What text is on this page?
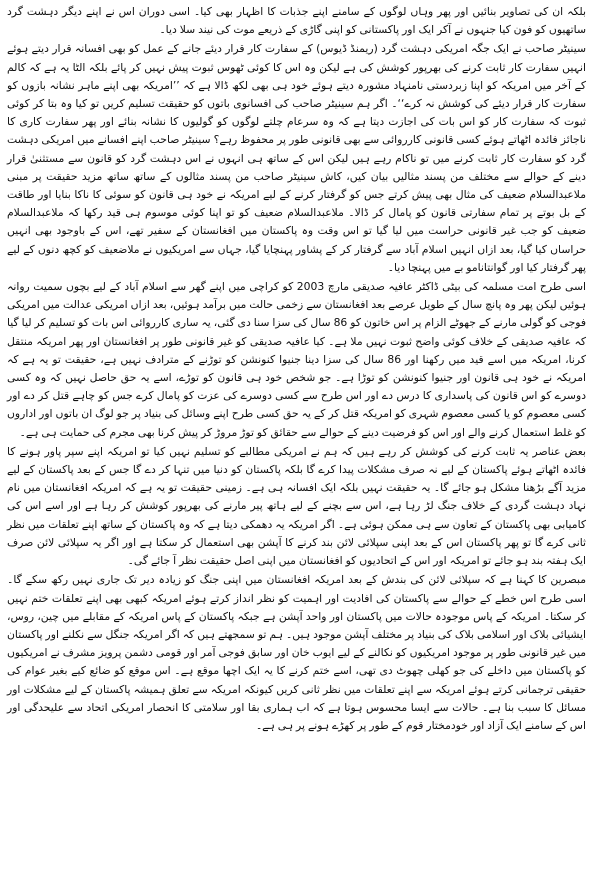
بلکہ ان کی تصاویر بنائیں اور پھر وہاں لوگوں کے سامنے اپنے جذبات کا اظہار بھی کیا۔ اسی دوران اس نے اپنے دیگر دہشت گرد ساتھیوں کو فون کیا جنہوں نے آکر ایک اور پاکستانی کو اپنی گاڑی کے ذریعے موت کی نیند سلا دیا۔

سینیٹر صاحب نے ایک جگہ امریکی دہشت گرد (ریمنڈ ڈیوس) کے سفارت کار قرار دیئے جانے کے عمل کو بھی افسانہ قرار دیتے ہوئے انہیں سفارت کار ثابت کرنے کی بھرپور کوشش کی ہے لیکن وہ اس کا کوئی ٹھوس ثبوت پیش نہیں کر پائے بلکہ الٹا یہ ہے کہ کالم کے آخر میں امریکہ کو اپنا زبردستی نامنہاد مشورہ دیتے ہوئے خود ہی بھی لکھ ڈالا ہے کہ ’’امریکہ بھی اپنے ماہر نشانہ بازوں کو سفارت کار قرار دیئے کی کوشش نہ کرے‘‘۔ اگر ہم سینیٹر صاحب کی افسانوی باتوں کو حقیقت تسلیم کریں تو کیا وہ بتا کر کوئی ثبوت کہ سفارت کار کو اس بات کی اجازت دیتا ہے کہ وہ سرعام چلتے لوگوں کو گولیوں کا نشانہ بنائے اور پھر سفارت کاری کا ناجائز فائدہ اٹھاتے ہوئے کسی قانونی کارروائی سے بھی قانونی طور پر محفوظ رہے؟ سینیٹر صاحب اپنے افسانے میں امریکی دہشت گرد کو سفارت کار ثابت کرنے میں تو ناکام رہے ہیں لیکن اس کے ساتھ ہی انہوں نے اس دہشت گرد کو قانون سے مستثنیٰ قرار دینے کے حوالے سے مختلف من پسند مثالیں بیان کیں، کاش سینیٹر صاحب من پسند مثالوں کے ساتھ ساتھ مزید حقیقت پر مبنی ملاعبدالسلام ضعیف کی مثال بھی پیش کرتے جس کو گرفتار کرنے کے لیے امریکہ نے خود ہی قانون کو سوئی کا ناکا بنایا اور طاقت کے بل بوتے پر تمام سفارتی قانون کو پامال کر ڈالا۔ ملاعبدالسلام ضعیف کو تو اپنا کوئی موسوم ہی قید رکھا کہ ملاعبدالسلام ضعیف کو جب غیر قانونی حراست میں لیا گیا تو اس وقت وہ پاکستان میں افغانستان کے سفیر تھے، اس کے باوجود بھی انہیں حراساں کیا گیا، بعد ازاں انہیں اسلام آباد سے گرفتار کر کے پشاور پہنچایا گیا، جہاں سے امریکیوں نے ملاضعیف کو کچھ دنوں کے لیے پھر گرفتار کیا اور گوانتانامو بے میں پہنچا دیا۔

اسی طرح امت مسلمہ کی بیٹی ڈاکٹر عافیہ صدیقی مارچ 2003 کو کراچی میں اپنے گھر سے اسلام آباد کے لیے بچوں سمیت روانہ ہوئیں لیکن پھر وہ پانچ سال کے طویل عرصے بعد افغانستان سے زخمی حالت میں برآمد ہوئیں، بعد ازاں امریکی عدالت میں امریکی فوجی کو گولی مارنے کے جھوٹے الزام پر اس خاتون کو 86 سال کی سزا سنا دی گئی، یہ ساری کارروائی اس بات کو تسلیم کر لیا گیا کہ عافیہ صدیقی کے خلاف کوئی واضح ثبوت نہیں ملا ہے۔ کیا عافیہ صدیقی کو غیر قانونی طور پر افغانستان اور پھر امریکہ منتقل کرنا، امریکہ میں اسے قید میں رکھنا اور 86 سال کی سزا دینا جنیوا کنونشن کو توڑنے کے مترادف نہیں ہے، حقیقت تو یہ ہے کہ امریکہ نے خود ہی قانون اور جنیوا کنونشن کو توڑا ہے۔ جو شخص خود ہی قانون کو توڑے، اسے یہ حق حاصل نہیں کہ وہ کسی دوسرے کو اس قانون کی پاسداری کا درس دے اور اس طرح سے کسی دوسرے کی عزت کو پامال کرے جس کو چاہے قتل کر دے اور کسی معصوم کو یا کسی معصوم شہری کو امریکہ قتل کر کے یہ حق کسی طرح اپنے وسائل کی بنیاد پر جو لوگ ان باتوں اور اداروں کو غلط استعمال کرنے والے اور اس کو فرضیت دینے کے حوالے سے حقائق کو توڑ مروڑ کر پیش کرنا بھی مجرم کی حمایت ہی ہے۔

بعض عناصر یہ ثابت کرنے کی کوشش کر رہے ہیں کہ ہم نے امریکی مطالبے کو تسلیم نہیں کیا تو امریکہ اپنے سپر پاور ہونے کا فائدہ اٹھاتے ہوئے پاکستان کے لیے نہ صرف مشکلات پیدا کرے گا بلکہ پاکستان کو دنیا میں تنہا کر دے گا جس کے بعد پاکستان کے لیے مزید آگے بڑھنا مشکل ہو جائے گا۔ یہ حقیقت نہیں بلکہ ایک افسانہ ہی ہے۔ زمینی حقیقت تو یہ ہے کہ امریکہ افغانستان میں نام نہاد دہشت گردی کے خلاف جنگ لڑ رہا ہے، اس سے بچنے کے لیے ہاتھ پیر مارنے کی بھرپور کوشش کر رہا ہے اور اسے اس کی کامیابی بھی پاکستان کے تعاون سے ہی ممکن ہوئی ہے۔ اگر امریکہ یہ دھمکی دیتا ہے کہ وہ پاکستان کے ساتھ اپنے تعلقات میں نظر ثانی کرے گا تو پھر پاکستان اس کے بعد اپنی سپلائی لائن بند کرنے کا آپشن بھی استعمال کر سکتا ہے اور اگر یہ سپلائی لائن صرف ایک ہفتہ بند ہو جائے تو امریکہ اور اس کے اتحادیوں کو افغانستان میں اپنی اصل حقیقت نظر آ جائے گی۔

مبصرین کا کہنا ہے کہ سپلائی لائن کی بندش کے بعد امریکہ افغانستان میں اپنی جنگ کو زیادہ دیر تک جاری نہیں رکھ سکے گا۔ اسی طرح اس خطے کے حوالے سے پاکستان کی افادیت اور اہمیت کو نظر انداز کرتے ہوئے امریکہ کبھی بھی اپنے تعلقات ختم نہیں کر سکتا۔ امریکہ کے پاس موجودہ حالات میں پاکستان اور واحد آپشن ہے جبکہ پاکستان کے پاس امریکہ کے مقابلے میں چین، روس، ایشیائی بلاک اور اسلامی بلاک کی بنیاد پر مختلف آپشن موجود ہیں۔ ہم تو سمجھتے ہیں کہ اگر امریکہ جنگل سے نکلنے اور پاکستان میں غیر قانونی طور پر موجود امریکیوں کو نکالنے کے لیے ایوب خان اور سابق فوجی آمر اور قومی دشمن پرویز مشرف نے امریکیوں کو پاکستان میں داخلے کی جو کھلی چھوٹ دی تھی، اسے ختم کرنے کا یہ ایک اچھا موقع ہے۔ اس موقع کو ضائع کیے بغیر عوام کی حقیقی ترجمانی کرتے ہوئے امریکہ سے اپنے تعلقات میں نظر ثانی کریں کیونکہ امریکہ سے تعلق ہمیشہ پاکستان کے لیے مشکلات اور مسائل کا سبب بنا ہے۔ حالات سے ایسا محسوس ہوتا ہے کہ اب ہماری بقا اور سلامتی کا انحصار امریکی اتحاد سے علیحدگی اور اس کے سامنے ایک آزاد اور خودمختار قوم کے طور پر کھڑے ہونے پر ہی ہے۔
